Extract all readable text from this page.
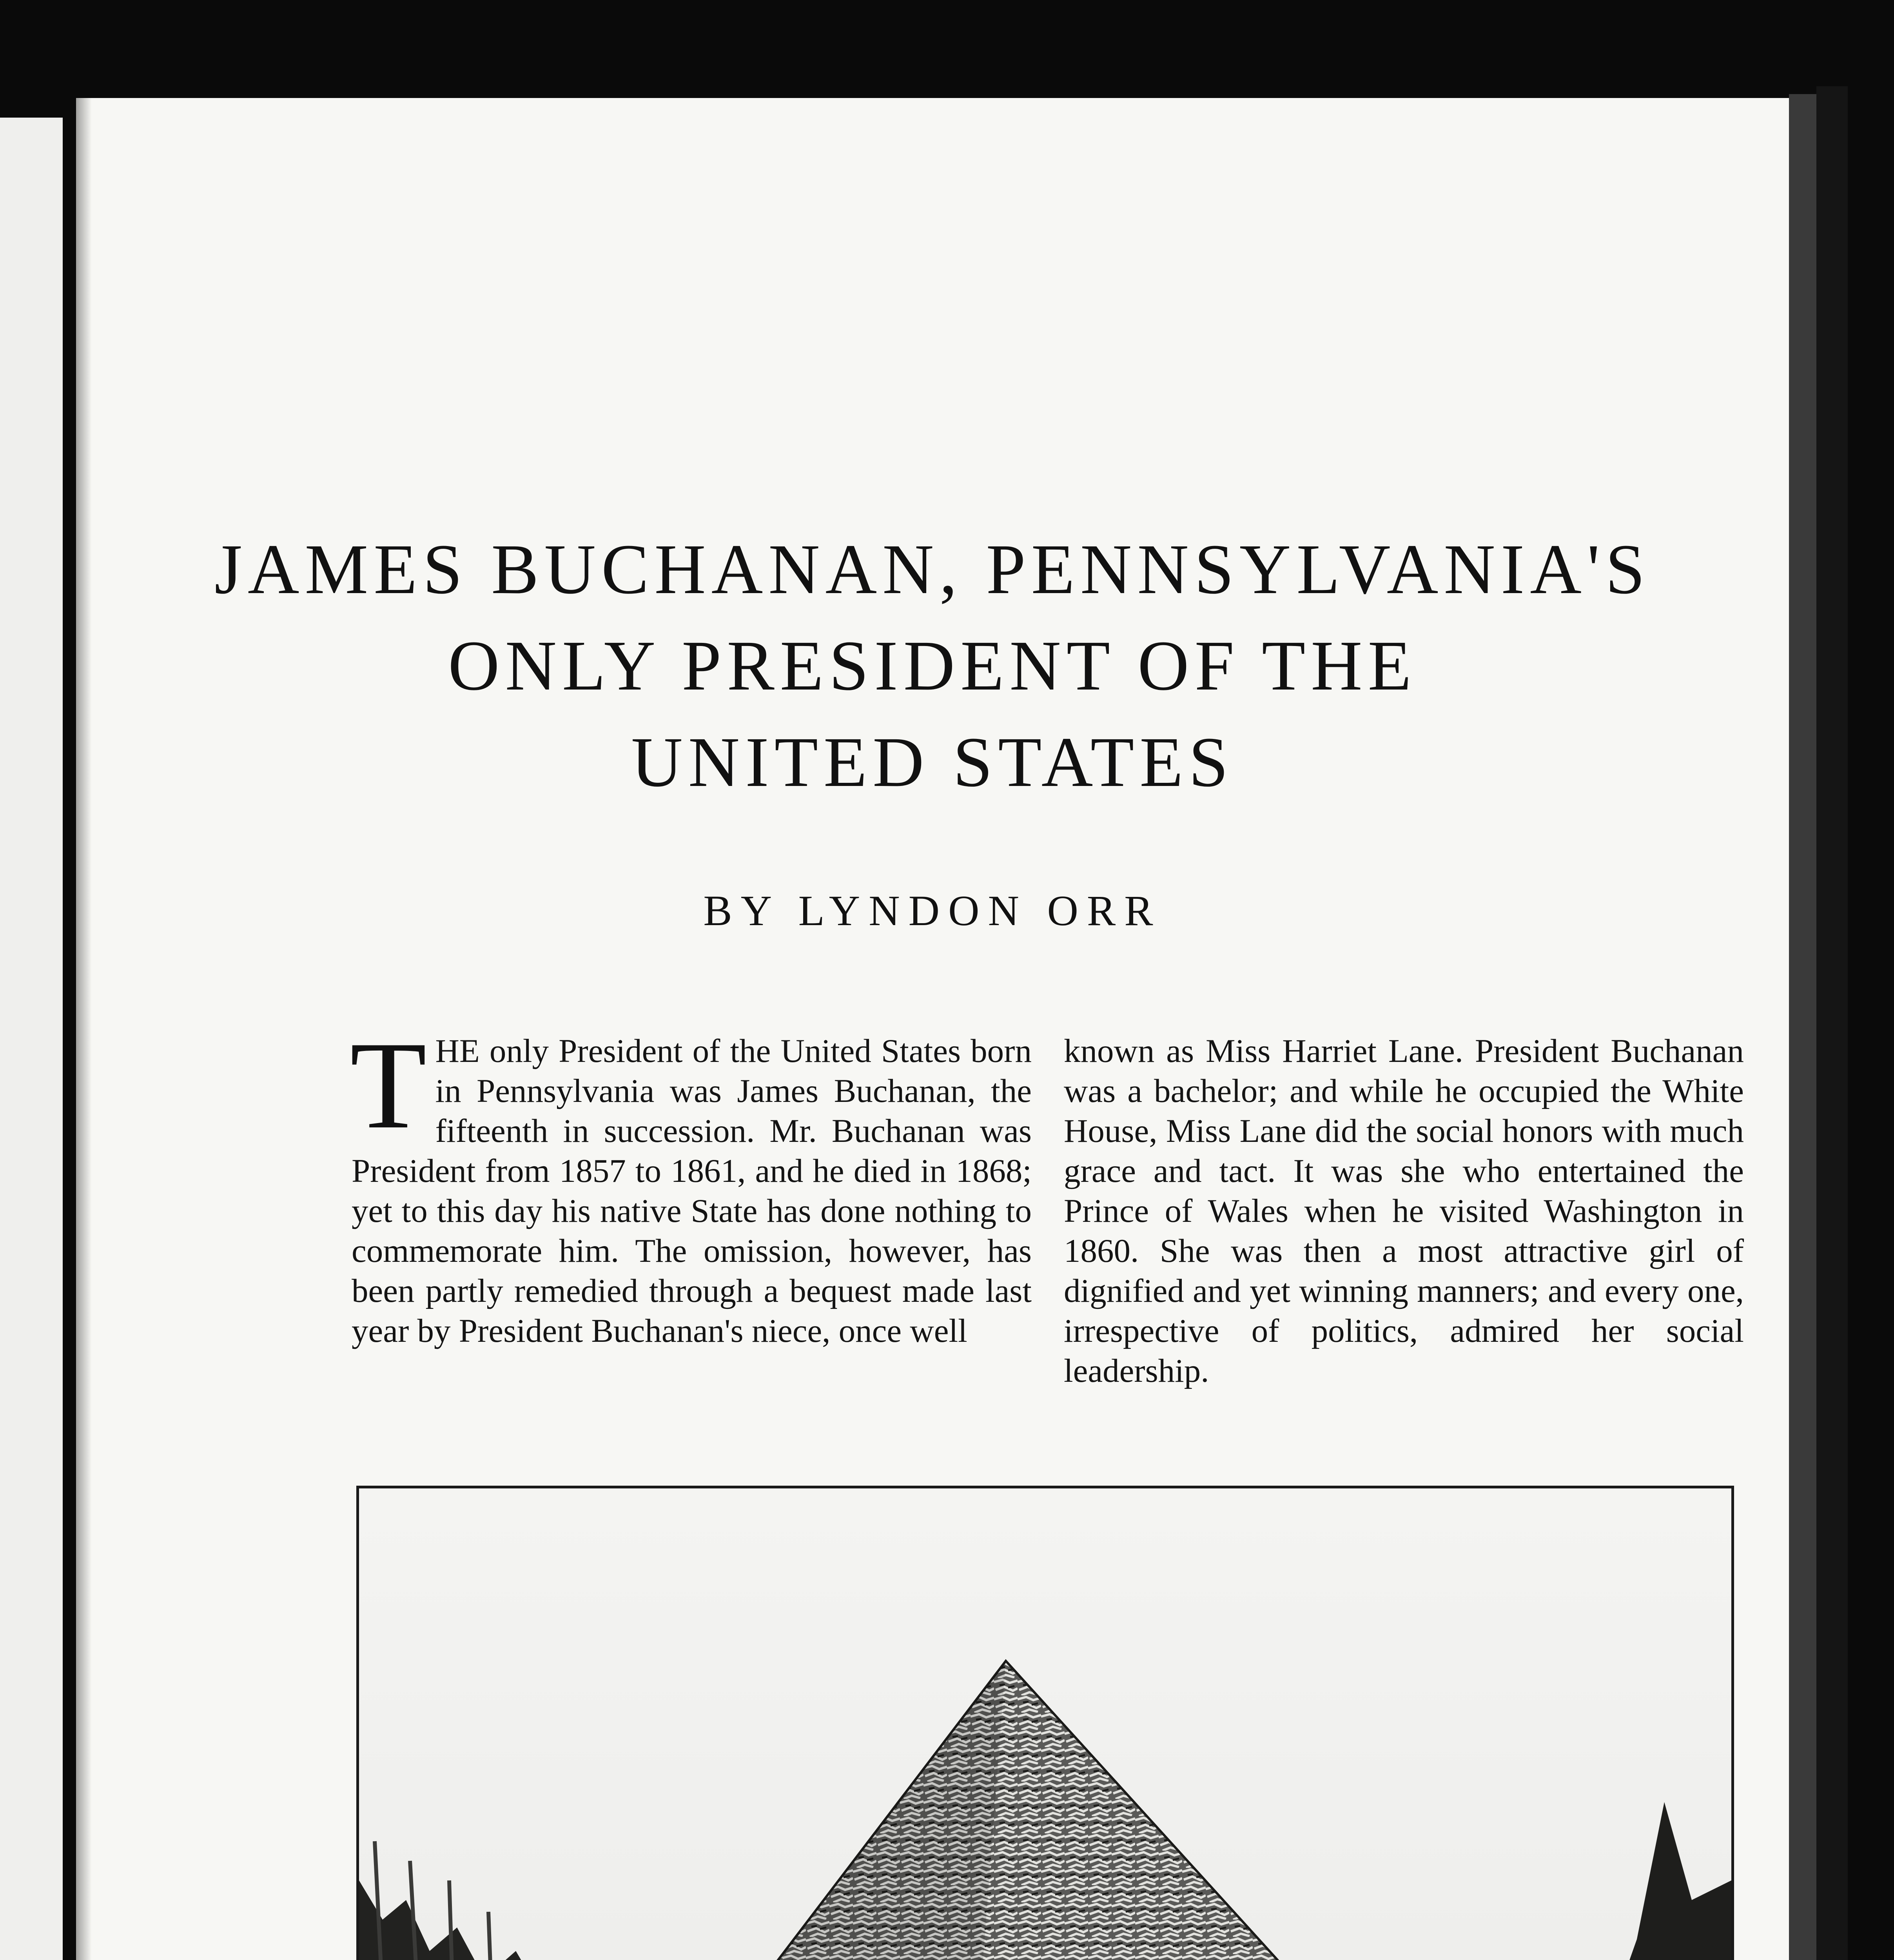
JAMES BUCHANAN, PENNSYLVANIA'S
ONLY PRESIDENT OF THE
UNITED STATES
BY LYNDON ORR
THE only President of the United States born in Pennsylvania was James Buchanan, the fifteenth in succession. Mr. Buchanan was President from 1857 to 1861, and he died in 1868; yet to this day his native State has done nothing to commemorate him. The omission, however, has been partly remedied through a bequest made last year by President Buchanan's niece, once well
known as Miss Harriet Lane. President Buchanan was a bachelor; and while he occupied the White House, Miss Lane did the social honors with much grace and tact. It was she who entertained the Prince of Wales when he visited Washington in 1860. She was then a most attractive girl of dignified and yet winning manners; and every one, irrespective of politics, admired her social leadership.
